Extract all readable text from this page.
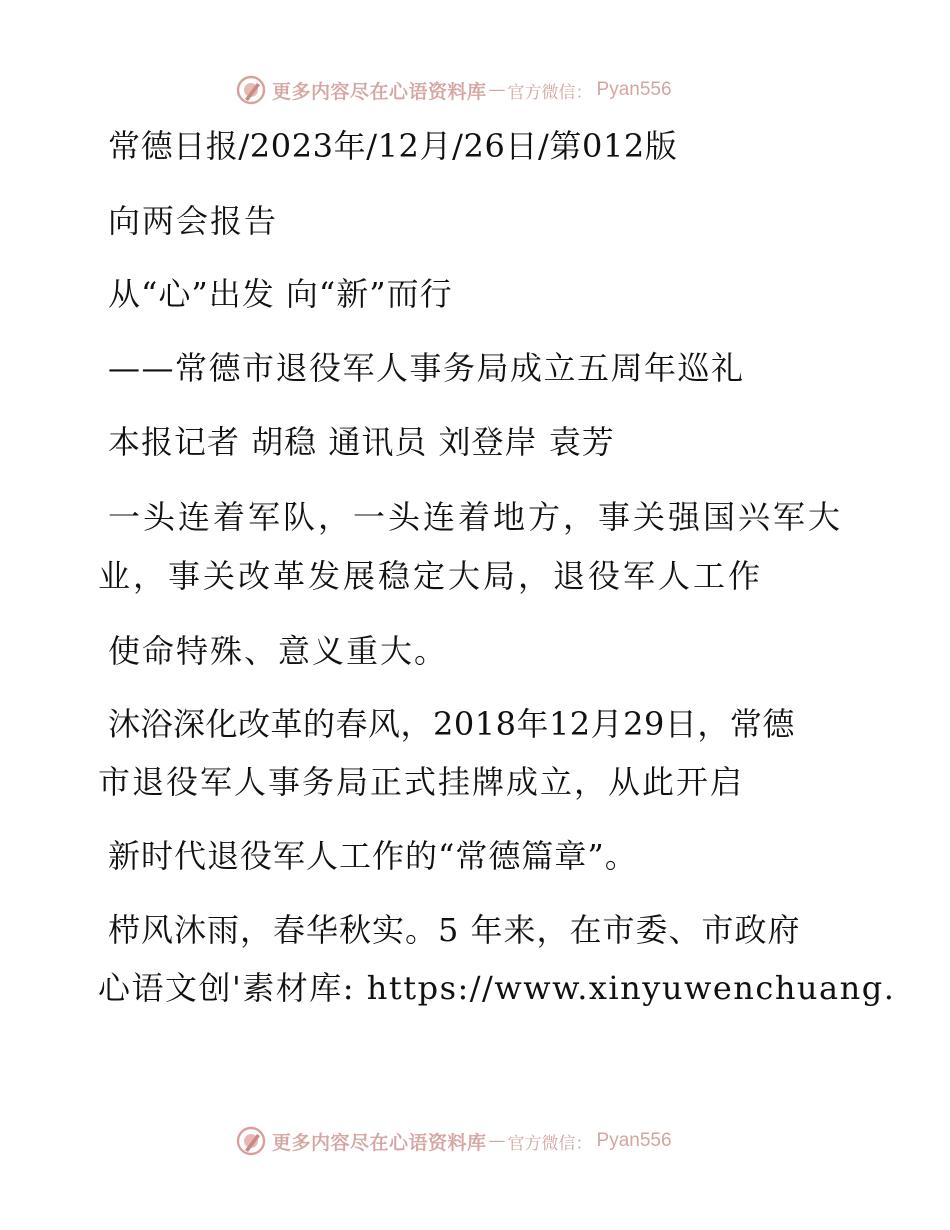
更多内容尽在心语资料库 — 官方微信： Pyan556
常德日报/2023年/12月/26日/第012版
向两会报告
从“心”出发 向“新”而行
——常德市退役军人事务局成立五周年巡礼
本报记者 胡稳 通讯员 刘登岸 袁芳
一头连着军队，一头连着地方，事关强国兴军大
业，事关改革发展稳定大局，退役军人工作
使命特殊、意义重大。
沐浴深化改革的春风，2018年12月29日，常德
市退役军人事务局正式挂牌成立，从此开启
新时代退役军人工作的“常德篇章”。
栉风沐雨，春华秋实。5 年来，在市委、市政府
心语文创'素材库: https://www.xinyuwenchuang.
更多内容尽在心语资料库 — 官方微信： Pyan556
